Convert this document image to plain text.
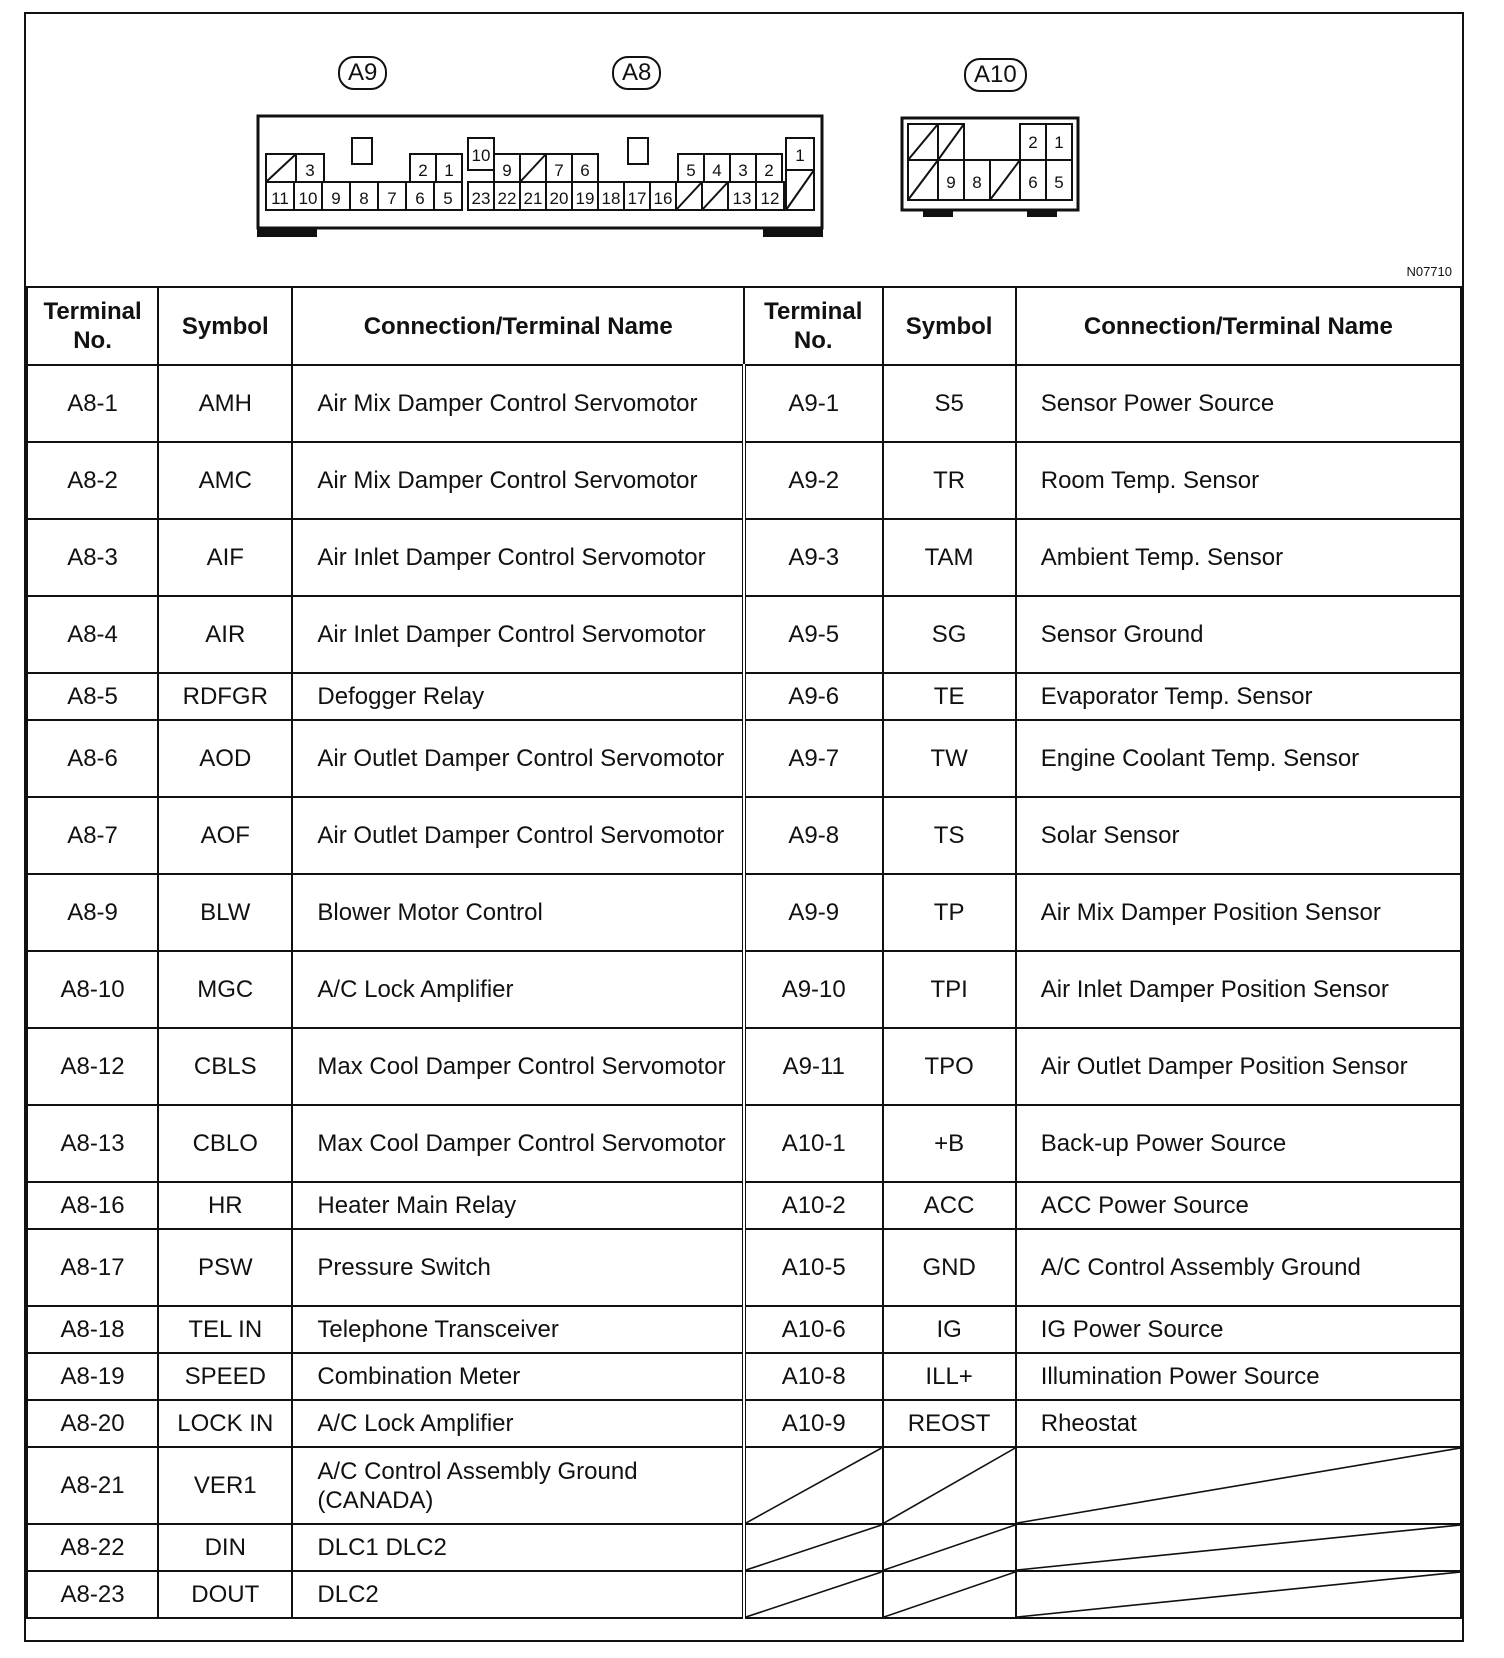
A9	A8	A10
3	2 1
11 10 9 8 7 6 5
10
9	7 6	5 4 3 2
1
23 22 21 20 19 18 17 16	13 12
2 1
9 8	6 5
N07710
Terminal No.	Symbol	Connection/Terminal Name	Terminal No.	Symbol	Connection/Terminal Name
A8-1	AMH	Air Mix Damper Control Servomotor	A9-1	S5	Sensor Power Source
A8-2	AMC	Air Mix Damper Control Servomotor	A9-2	TR	Room Temp. Sensor
A8-3	AIF	Air Inlet Damper Control Servomotor	A9-3	TAM	Ambient Temp. Sensor
A8-4	AIR	Air Inlet Damper Control Servomotor	A9-5	SG	Sensor Ground
A8-5	RDFGR	Defogger Relay	A9-6	TE	Evaporator Temp. Sensor
A8-6	AOD	Air Outlet Damper Control Servomotor	A9-7	TW	Engine Coolant Temp. Sensor
A8-7	AOF	Air Outlet Damper Control Servomotor	A9-8	TS	Solar Sensor
A8-9	BLW	Blower Motor Control	A9-9	TP	Air Mix Damper Position Sensor
A8-10	MGC	A/C Lock Amplifier	A9-10	TPI	Air Inlet Damper Position Sensor
A8-12	CBLS	Max Cool Damper Control Servomotor	A9-11	TPO	Air Outlet Damper Position Sensor
A8-13	CBLO	Max Cool Damper Control Servomotor	A10-1	+B	Back-up Power Source
A8-16	HR	Heater Main Relay	A10-2	ACC	ACC Power Source
A8-17	PSW	Pressure Switch	A10-5	GND	A/C Control Assembly Ground
A8-18	TEL IN	Telephone Transceiver	A10-6	IG	IG Power Source
A8-19	SPEED	Combination Meter	A10-8	ILL+	Illumination Power Source
A8-20	LOCK IN	A/C Lock Amplifier	A10-9	REOST	Rheostat
A8-21	VER1	A/C Control Assembly Ground (CANADA)	

A8-22	DIN	DLC1 DLC2	

A8-23	DOUT	DLC2	
